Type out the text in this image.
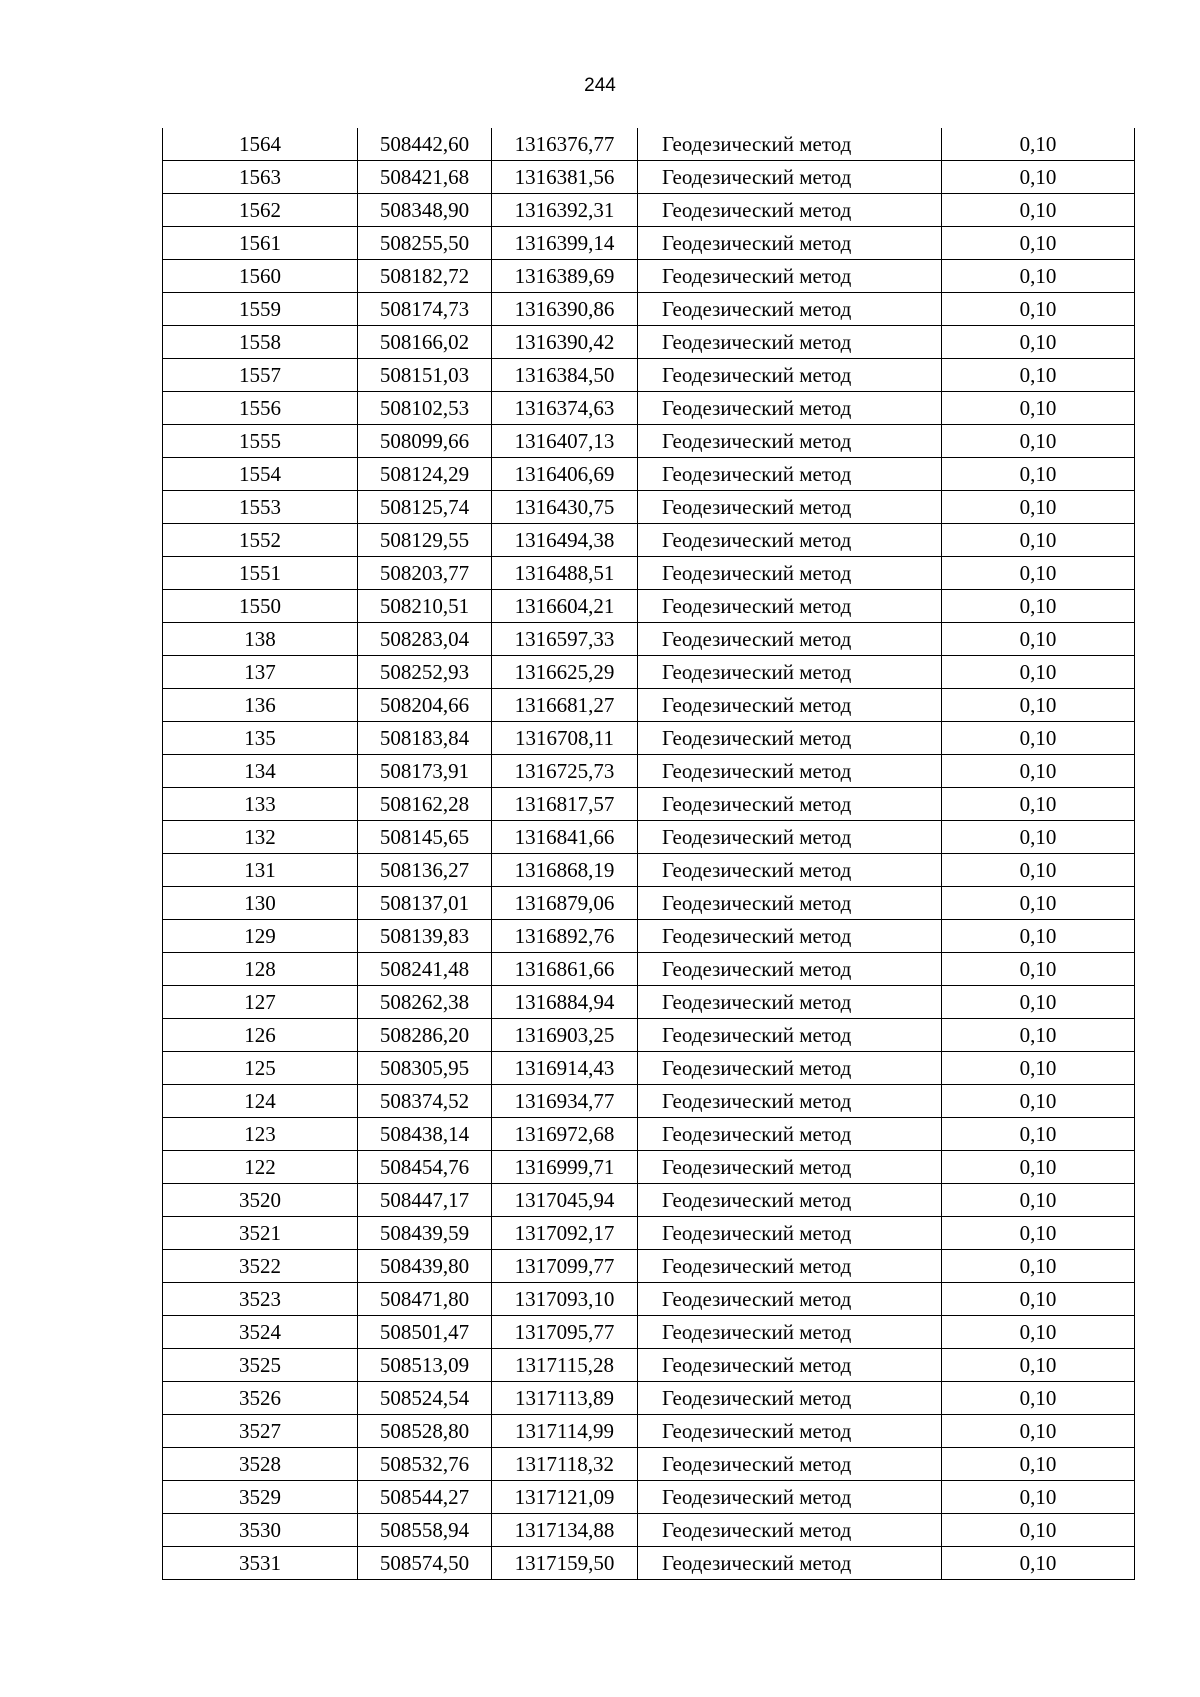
244
1564	508442,60	1316376,77	Геодезический метод	0,10
1563	508421,68	1316381,56	Геодезический метод	0,10
1562	508348,90	1316392,31	Геодезический метод	0,10
1561	508255,50	1316399,14	Геодезический метод	0,10
1560	508182,72	1316389,69	Геодезический метод	0,10
1559	508174,73	1316390,86	Геодезический метод	0,10
1558	508166,02	1316390,42	Геодезический метод	0,10
1557	508151,03	1316384,50	Геодезический метод	0,10
1556	508102,53	1316374,63	Геодезический метод	0,10
1555	508099,66	1316407,13	Геодезический метод	0,10
1554	508124,29	1316406,69	Геодезический метод	0,10
1553	508125,74	1316430,75	Геодезический метод	0,10
1552	508129,55	1316494,38	Геодезический метод	0,10
1551	508203,77	1316488,51	Геодезический метод	0,10
1550	508210,51	1316604,21	Геодезический метод	0,10
138	508283,04	1316597,33	Геодезический метод	0,10
137	508252,93	1316625,29	Геодезический метод	0,10
136	508204,66	1316681,27	Геодезический метод	0,10
135	508183,84	1316708,11	Геодезический метод	0,10
134	508173,91	1316725,73	Геодезический метод	0,10
133	508162,28	1316817,57	Геодезический метод	0,10
132	508145,65	1316841,66	Геодезический метод	0,10
131	508136,27	1316868,19	Геодезический метод	0,10
130	508137,01	1316879,06	Геодезический метод	0,10
129	508139,83	1316892,76	Геодезический метод	0,10
128	508241,48	1316861,66	Геодезический метод	0,10
127	508262,38	1316884,94	Геодезический метод	0,10
126	508286,20	1316903,25	Геодезический метод	0,10
125	508305,95	1316914,43	Геодезический метод	0,10
124	508374,52	1316934,77	Геодезический метод	0,10
123	508438,14	1316972,68	Геодезический метод	0,10
122	508454,76	1316999,71	Геодезический метод	0,10
3520	508447,17	1317045,94	Геодезический метод	0,10
3521	508439,59	1317092,17	Геодезический метод	0,10
3522	508439,80	1317099,77	Геодезический метод	0,10
3523	508471,80	1317093,10	Геодезический метод	0,10
3524	508501,47	1317095,77	Геодезический метод	0,10
3525	508513,09	1317115,28	Геодезический метод	0,10
3526	508524,54	1317113,89	Геодезический метод	0,10
3527	508528,80	1317114,99	Геодезический метод	0,10
3528	508532,76	1317118,32	Геодезический метод	0,10
3529	508544,27	1317121,09	Геодезический метод	0,10
3530	508558,94	1317134,88	Геодезический метод	0,10
3531	508574,50	1317159,50	Геодезический метод	0,10
